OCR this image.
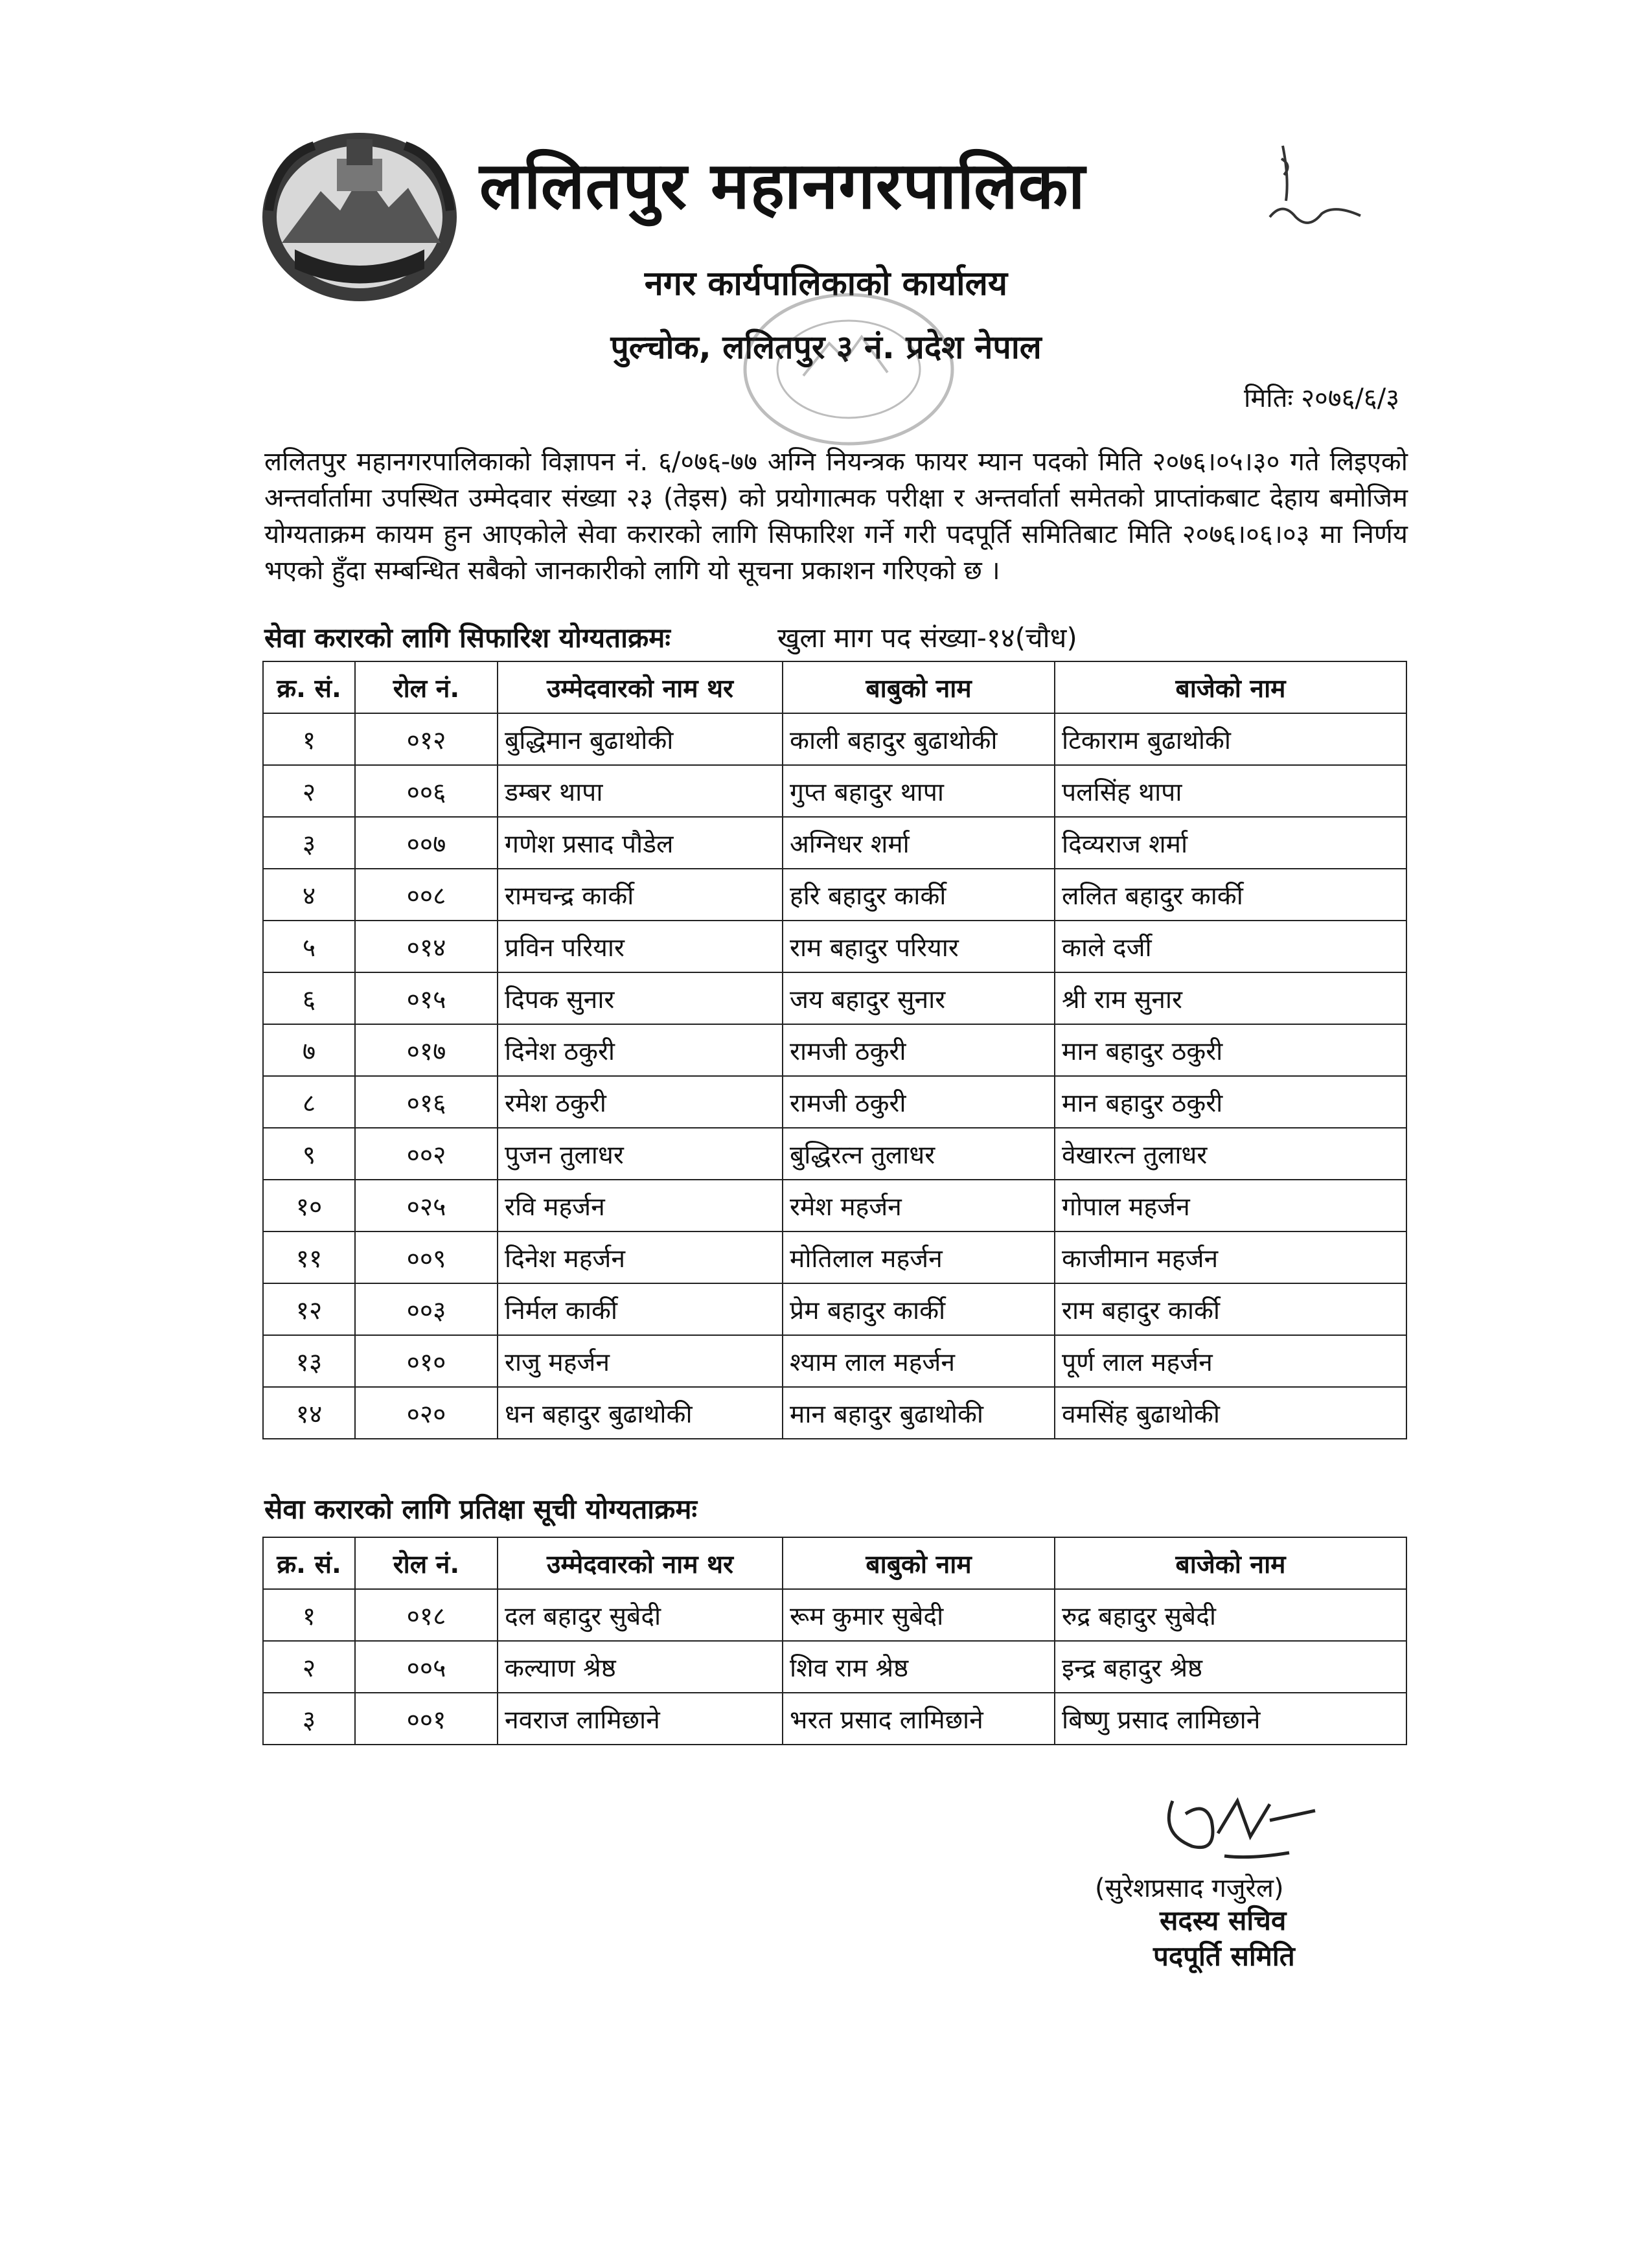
ललितपुर महानगरपालिका
नगर कार्यपालिकाको कार्यालय
पुल्चोक, ललितपुर ३ नं. प्रदेश नेपाल
मितिः २०७६/६/३
ललितपुर महानगरपालिकाको विज्ञापन नं. ६/०७६-७७ अग्नि नियन्त्रक फायर म्यान पदको मिति २०७६।०५।३० गते लिइएको अन्तर्वार्तामा उपस्थित उम्मेदवार संख्या २३ (तेइस) को प्रयोगात्मक परीक्षा र अन्तर्वार्ता समेतको प्राप्तांकबाट देहाय बमोजिम योग्यताक्रम कायम हुन आएकोले सेवा करारको लागि सिफारिश गर्ने गरी पदपूर्ति समितिबाट मिति २०७६।०६।०३ मा निर्णय भएको हुँदा सम्बन्धित सबैको जानकारीको लागि यो सूचना प्रकाशन गरिएको छ ।
सेवा करारको लागि सिफारिश योग्यताक्रमः	खुला माग पद संख्या-१४(चौध)
क्र. सं.	रोल नं.	उम्मेदवारको नाम थर	बाबुको नाम	बाजेको नाम
१	०१२	बुद्धिमान बुढाथोकी	काली बहादुर बुढाथोकी	टिकाराम बुढाथोकी
२	००६	डम्बर थापा	गुप्त बहादुर थापा	पलसिंह थापा
३	००७	गणेश प्रसाद पौडेल	अग्निधर शर्मा	दिव्यराज शर्मा
४	००८	रामचन्द्र कार्की	हरि बहादुर कार्की	ललित बहादुर कार्की
५	०१४	प्रविन परियार	राम बहादुर परियार	काले दर्जी
६	०१५	दिपक सुनार	जय बहादुर सुनार	श्री राम सुनार
७	०१७	दिनेश ठकुरी	रामजी ठकुरी	मान बहादुर ठकुरी
८	०१६	रमेश ठकुरी	रामजी ठकुरी	मान बहादुर ठकुरी
९	००२	पुजन तुलाधर	बुद्धिरत्न तुलाधर	वेखारत्न तुलाधर
१०	०२५	रवि महर्जन	रमेश महर्जन	गोपाल महर्जन
११	००९	दिनेश महर्जन	मोतिलाल महर्जन	काजीमान महर्जन
१२	००३	निर्मल कार्की	प्रेम बहादुर कार्की	राम बहादुर कार्की
१३	०१०	राजु महर्जन	श्याम लाल महर्जन	पूर्ण लाल महर्जन
१४	०२०	धन बहादुर बुढाथोकी	मान बहादुर बुढाथोकी	वमसिंह बुढाथोकी
सेवा करारको लागि प्रतिक्षा सूची योग्यताक्रमः
क्र. सं.	रोल नं.	उम्मेदवारको नाम थर	बाबुको नाम	बाजेको नाम
१	०१८	दल बहादुर सुबेदी	रूम कुमार सुबेदी	रुद्र बहादुर सुबेदी
२	००५	कल्याण श्रेष्ठ	शिव राम श्रेष्ठ	इन्द्र बहादुर श्रेष्ठ
३	००१	नवराज लामिछाने	भरत प्रसाद लामिछाने	बिष्णु प्रसाद लामिछाने
(सुरेशप्रसाद गजुरेल)
सदस्य सचिव
पदपूर्ति समिति
